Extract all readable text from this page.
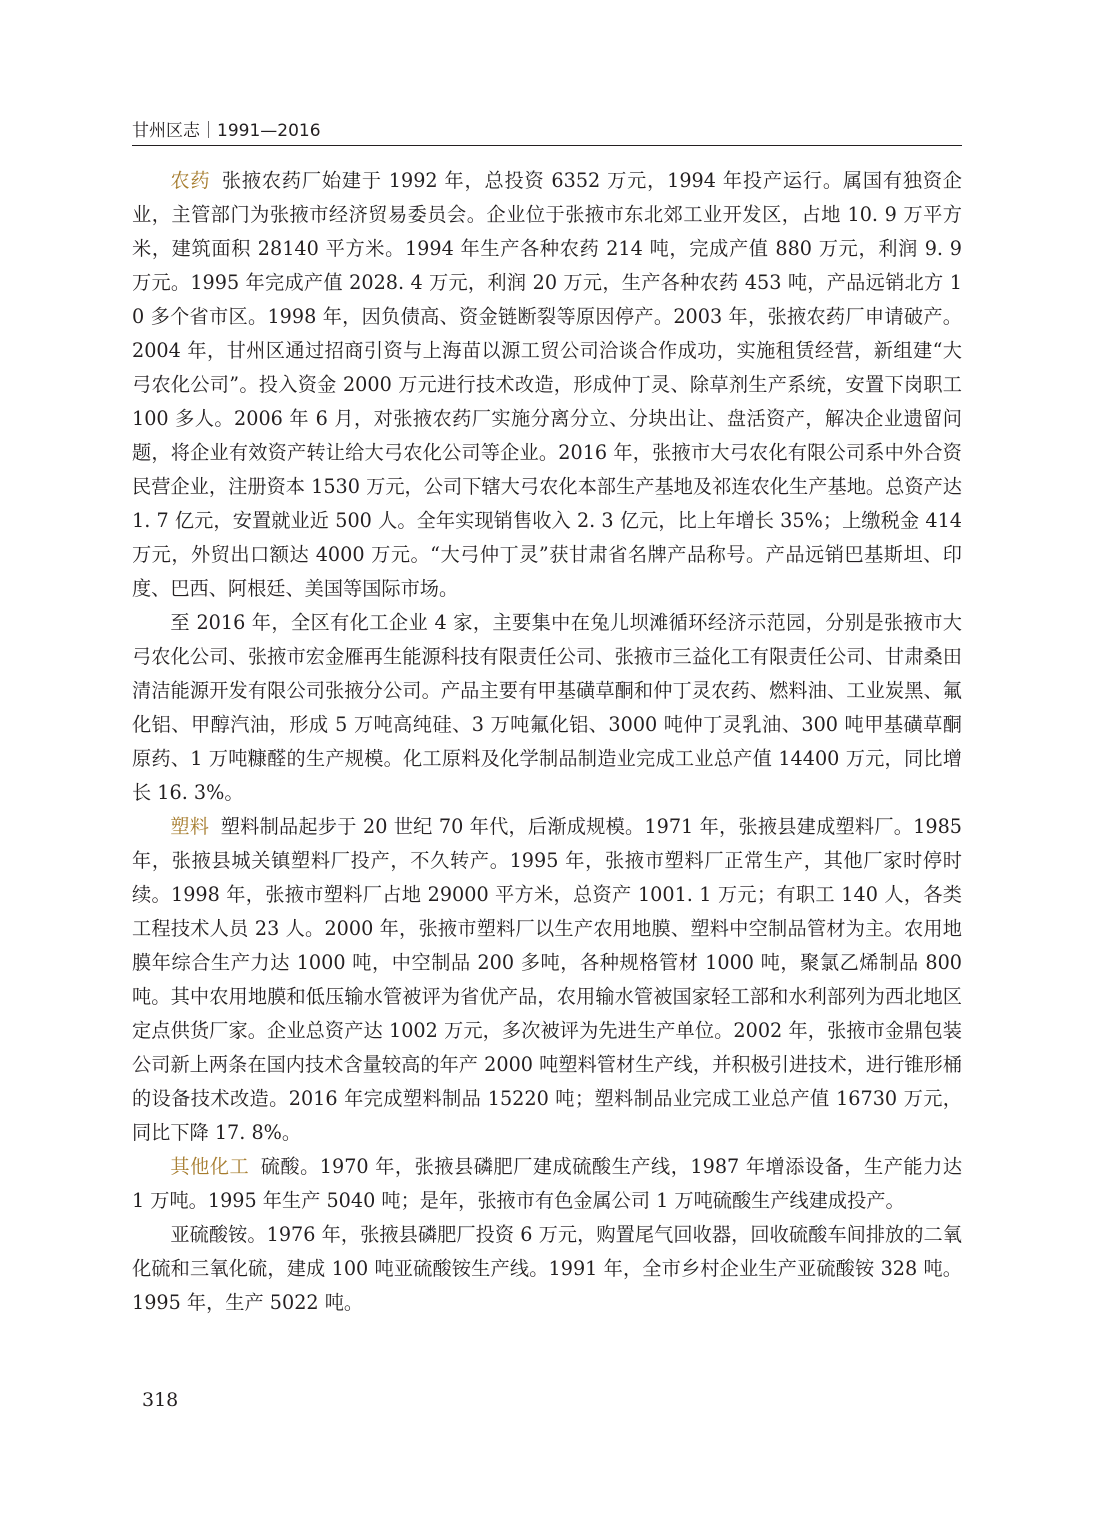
甘州区志｜1991—2016

农药 张掖农药厂始建于 1992 年，总投资 6352 万元，1994 年投产运行。属国有独资企业，主管部门为张掖市经济贸易委员会。企业位于张掖市东北郊工业开发区，占地 10. 9 万平方米，建筑面积 28140 平方米。1994 年生产各种农药 214 吨，完成产值 880 万元，利润 9. 9 万元。1995 年完成产值 2028. 4 万元，利润 20 万元，生产各种农药 453 吨，产品远销北方 10 多个省市区。1998 年，因负债高、资金链断裂等原因停产。2003 年，张掖农药厂申请破产。2004 年，甘州区通过招商引资与上海苗以源工贸公司洽谈合作成功，实施租赁经营，新组建“大弓农化公司”。投入资金 2000 万元进行技术改造，形成仲丁灵、除草剂生产系统，安置下岗职工 100 多人。2006 年 6 月，对张掖农药厂实施分离分立、分块出让、盘活资产，解决企业遗留问题，将企业有效资产转让给大弓农化公司等企业。2016 年，张掖市大弓农化有限公司系中外合资民营企业，注册资本 1530 万元，公司下辖大弓农化本部生产基地及祁连农化生产基地。总资产达 1. 7 亿元，安置就业近 500 人。全年实现销售收入 2. 3 亿元，比上年增长 35%；上缴税金 414 万元，外贸出口额达 4000 万元。“大弓仲丁灵”获甘肃省名牌产品称号。产品远销巴基斯坦、印度、巴西、阿根廷、美国等国际市场。

至 2016 年，全区有化工企业 4 家，主要集中在兔儿坝滩循环经济示范园，分别是张掖市大弓农化公司、张掖市宏金雁再生能源科技有限责任公司、张掖市三益化工有限责任公司、甘肃桑田清洁能源开发有限公司张掖分公司。产品主要有甲基磺草酮和仲丁灵农药、燃料油、工业炭黑、氟化铝、甲醇汽油，形成 5 万吨高纯硅、3 万吨氟化铝、3000 吨仲丁灵乳油、300 吨甲基磺草酮原药、1 万吨糠醛的生产规模。化工原料及化学制品制造业完成工业总产值 14400 万元，同比增长 16. 3%。

塑料 塑料制品起步于 20 世纪 70 年代，后渐成规模。1971 年，张掖县建成塑料厂。1985 年，张掖县城关镇塑料厂投产，不久转产。1995 年，张掖市塑料厂正常生产，其他厂家时停时续。1998 年，张掖市塑料厂占地 29000 平方米，总资产 1001. 1 万元；有职工 140 人，各类工程技术人员 23 人。2000 年，张掖市塑料厂以生产农用地膜、塑料中空制品管材为主。农用地膜年综合生产力达 1000 吨，中空制品 200 多吨，各种规格管材 1000 吨，聚氯乙烯制品 800 吨。其中农用地膜和低压输水管被评为省优产品，农用输水管被国家轻工部和水利部列为西北地区定点供货厂家。企业总资产达 1002 万元，多次被评为先进生产单位。2002 年，张掖市金鼎包装公司新上两条在国内技术含量较高的年产 2000 吨塑料管材生产线，并积极引进技术，进行锥形桶的设备技术改造。2016 年完成塑料制品 15220 吨；塑料制品业完成工业总产值 16730 万元，同比下降 17. 8%。

其他化工 硫酸。1970 年，张掖县磷肥厂建成硫酸生产线，1987 年增添设备，生产能力达 1 万吨。1995 年生产 5040 吨；是年，张掖市有色金属公司 1 万吨硫酸生产线建成投产。

亚硫酸铵。1976 年，张掖县磷肥厂投资 6 万元，购置尾气回收器，回收硫酸车间排放的二氧化硫和三氧化硫，建成 100 吨亚硫酸铵生产线。1991 年，全市乡村企业生产亚硫酸铵 328 吨。1995 年，生产 5022 吨。

318
